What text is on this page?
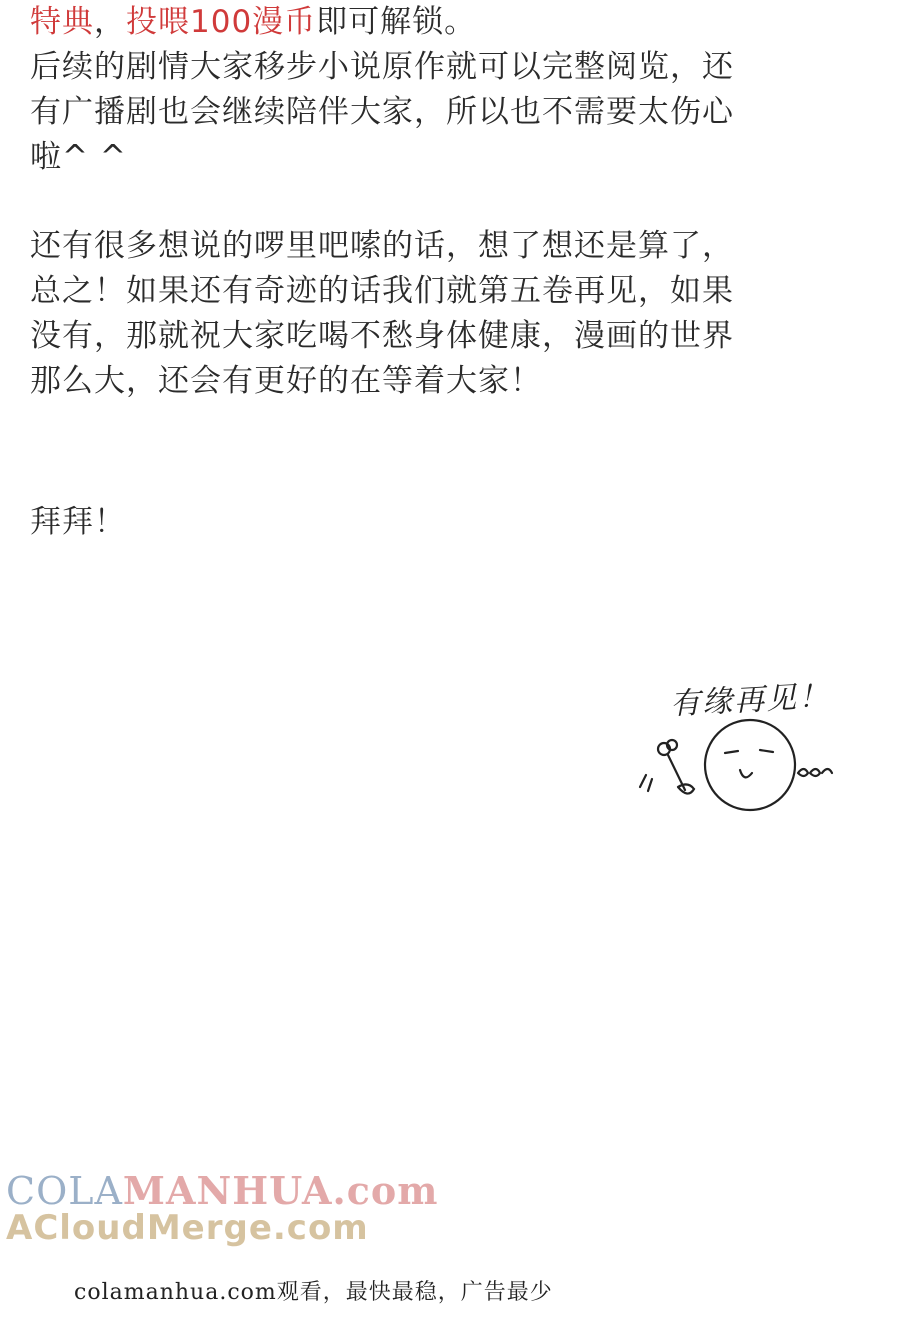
特典，投喂100漫币即可解锁。
后续的剧情大家移步小说原作就可以完整阅览，还
有广播剧也会继续陪伴大家，所以也不需要太伤心
啦^ ^
还有很多想说的啰里吧嗦的话，想了想还是算了，
总之！如果还有奇迹的话我们就第五卷再见，如果
没有，那就祝大家吃喝不愁身体健康，漫画的世界
那么大，还会有更好的在等着大家！
拜拜！
有缘再见！
COLAMANHUA.com
ACloudMerge.com
colamanhua.com观看，最快最稳，广告最少
